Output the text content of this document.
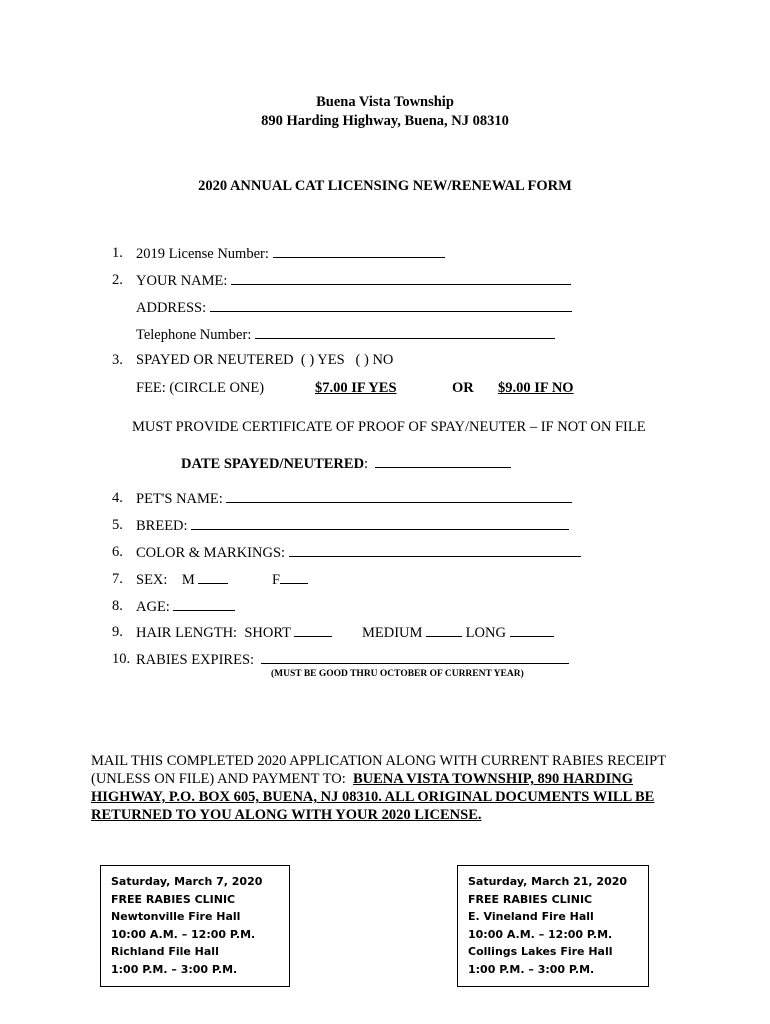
Buena Vista Township
890 Harding Highway, Buena, NJ 08310
2020 ANNUAL CAT LICENSING NEW/RENEWAL FORM
1. 2019 License Number:
2. YOUR NAME:
ADDRESS:
Telephone Number:
3. SPAYED OR NEUTERED ( ) YES ( ) NO
FEE: (CIRCLE ONE)	$7.00 IF YES	OR $9.00 IF NO
MUST PROVIDE CERTIFICATE OF PROOF OF SPAY/NEUTER – IF NOT ON FILE
DATE SPAYED/NEUTERED:
4. PET'S NAME:
5. BREED:
6. COLOR & MARKINGS:
7. SEX: M	F
8. AGE:
9. HAIR LENGTH: SHORT	MEDIUM	LONG
10. RABIES EXPIRES:
(MUST BE GOOD THRU OCTOBER OF CURRENT YEAR)
MAIL THIS COMPLETED 2020 APPLICATION ALONG WITH CURRENT RABIES RECEIPT (UNLESS ON FILE) AND PAYMENT TO: BUENA VISTA TOWNSHIP, 890 HARDING HIGHWAY, P.O. BOX 605, BUENA, NJ 08310. ALL ORIGINAL DOCUMENTS WILL BE RETURNED TO YOU ALONG WITH YOUR 2020 LICENSE.
Saturday, March 7, 2020
FREE RABIES CLINIC
Newtonville Fire Hall
10:00 A.M. – 12:00 P.M.
Richland File Hall
1:00 P.M. – 3:00 P.M.
Saturday, March 21, 2020
FREE RABIES CLINIC
E. Vineland Fire Hall
10:00 A.M. – 12:00 P.M.
Collings Lakes Fire Hall
1:00 P.M. – 3:00 P.M.
